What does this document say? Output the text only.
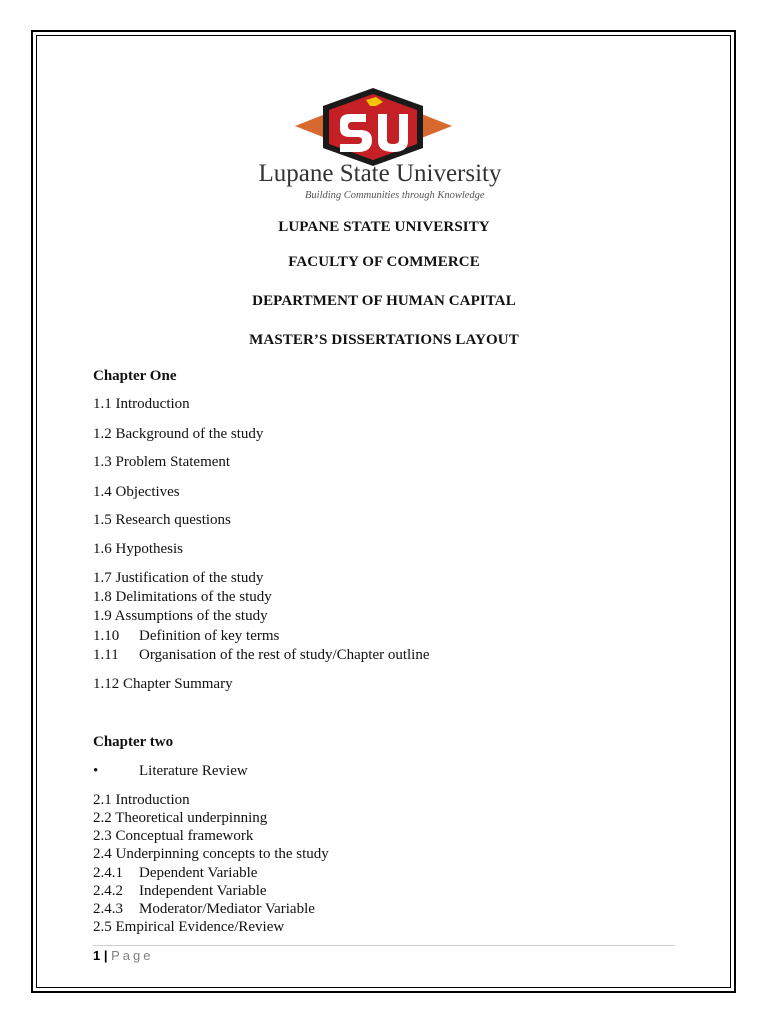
Lupane State University
Building Communities through Knowledge
LUPANE STATE UNIVERSITY
FACULTY OF COMMERCE
DEPARTMENT OF HUMAN CAPITAL
MASTER’S DISSERTATIONS LAYOUT
Chapter One
1.1 Introduction
1.2 Background of the study
1.3 Problem Statement
1.4 Objectives
1.5 Research questions
1.6 Hypothesis
1.7 Justification of the study
1.8 Delimitations of the study
1.9 Assumptions of the study
1.10 Definition of key terms
1.11 Organisation of the rest of study/Chapter outline
1.12 Chapter Summary
Chapter two
•	Literature Review
2.1 Introduction
2.2 Theoretical underpinning
2.3 Conceptual framework
2.4 Underpinning concepts to the study
2.4.1 Dependent Variable
2.4.2 Independent Variable
2.4.3 Moderator/Mediator Variable
2.5 Empirical Evidence/Review
1 | Page
